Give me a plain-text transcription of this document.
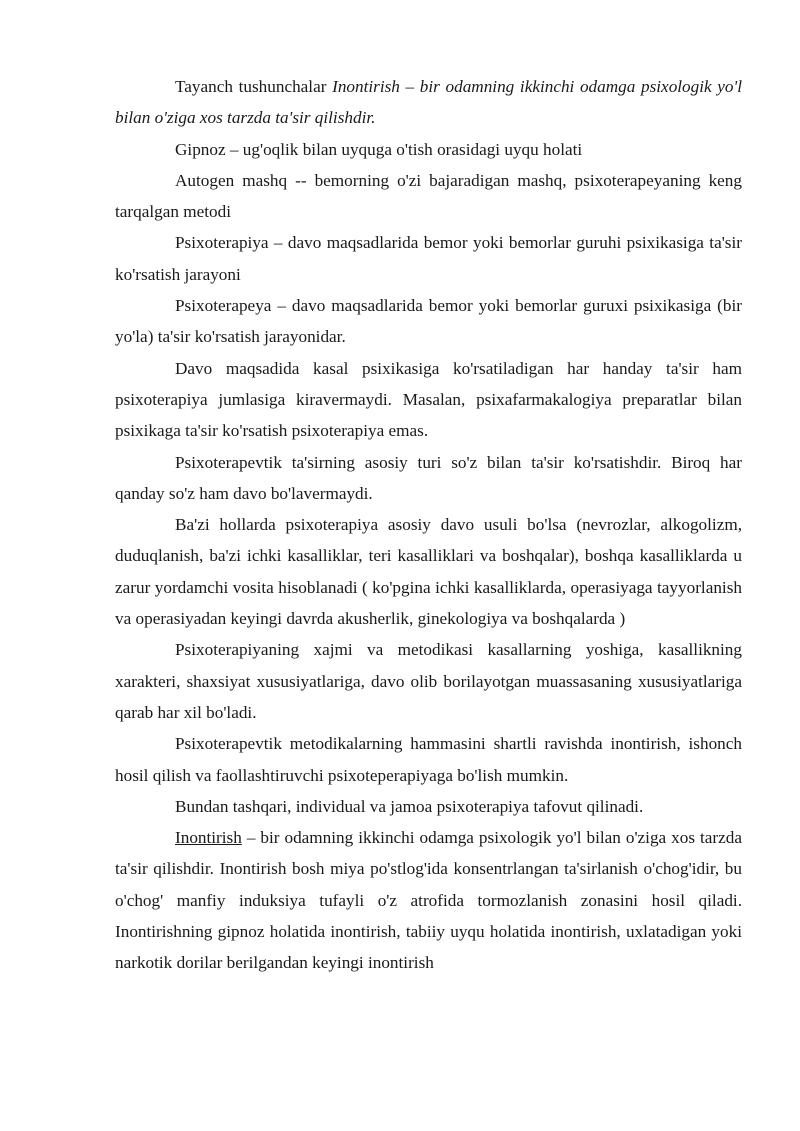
Tayanch tushunchalar Inontirish – bir odamning ikkinchi odamga psixologik yo'l bilan o'ziga xos tarzda ta'sir qilishdir.

Gipnoz – ug'oqlik bilan uyquga o'tish orasidagi uyqu holati

Autogen mashq -- bemorning o'zi bajaradigan mashq, psixoterapeyaning keng tarqalgan metodi

Psixoterapiya – davo maqsadlarida bemor yoki bemorlar guruhi psixikasiga ta'sir ko'rsatish jarayoni

Psixoterapeya – davo maqsadlarida bemor yoki bemorlar guruxi psixikasiga (bir yo'la) ta'sir ko'rsatish jarayonidar.

Davo maqsadida kasal psixikasiga ko'rsatiladigan har handay ta'sir ham psixoterapiya jumlasiga kiravermaydi. Masalan, psixafarmakalogiya preparatlar bilan psixikaga ta'sir ko'rsatish psixoterapiya emas.

Psixoterapevtik ta'sirning asosiy turi so'z bilan ta'sir ko'rsatishdir. Biroq har qanday so'z ham davo bo'lavermaydi.

Ba'zi hollarda psixoterapiya asosiy davo usuli bo'lsa (nevrozlar, alkogolizm, duduqlanish, ba'zi ichki kasalliklar, teri kasalliklari va boshqalar), boshqa kasalliklarda u zarur yordamchi vosita hisoblanadi ( ko'pgina ichki kasalliklarda, operasiyaga tayyorlanish va operasiyadan keyingi davrda akusherlik, ginekologiya va boshqalarda )

Psixoterapiyaning xajmi va metodikasi kasallarning yoshiga, kasallikning xarakteri, shaxsiyat xususiyatlariga, davo olib borilayotgan muassasaning xususiyatlariga qarab har xil bo'ladi.

Psixoterapevtik metodikalarning hammasini shartli ravishda inontirish, ishonch hosil qilish va faollashtiruvchi psixoteperapiyaga bo'lish mumkin.

Bundan tashqari, individual va jamoa psixoterapiya tafovut qilinadi.

Inontirish – bir odamning ikkinchi odamga psixologik yo'l bilan o'ziga xos tarzda ta'sir qilishdir. Inontirish bosh miya po'stlog'ida konsentrlangan ta'sirlanish o'chog'idir, bu o'chog' manfiy induksiya tufayli o'z atrofida tormozlanish zonasini hosil qiladi. Inontirishning gipnoz holatida inontirish, tabiiy uyqu holatida inontirish, uxlatadigan yoki narkotik dorilar berilgandan keyingi inontirish
